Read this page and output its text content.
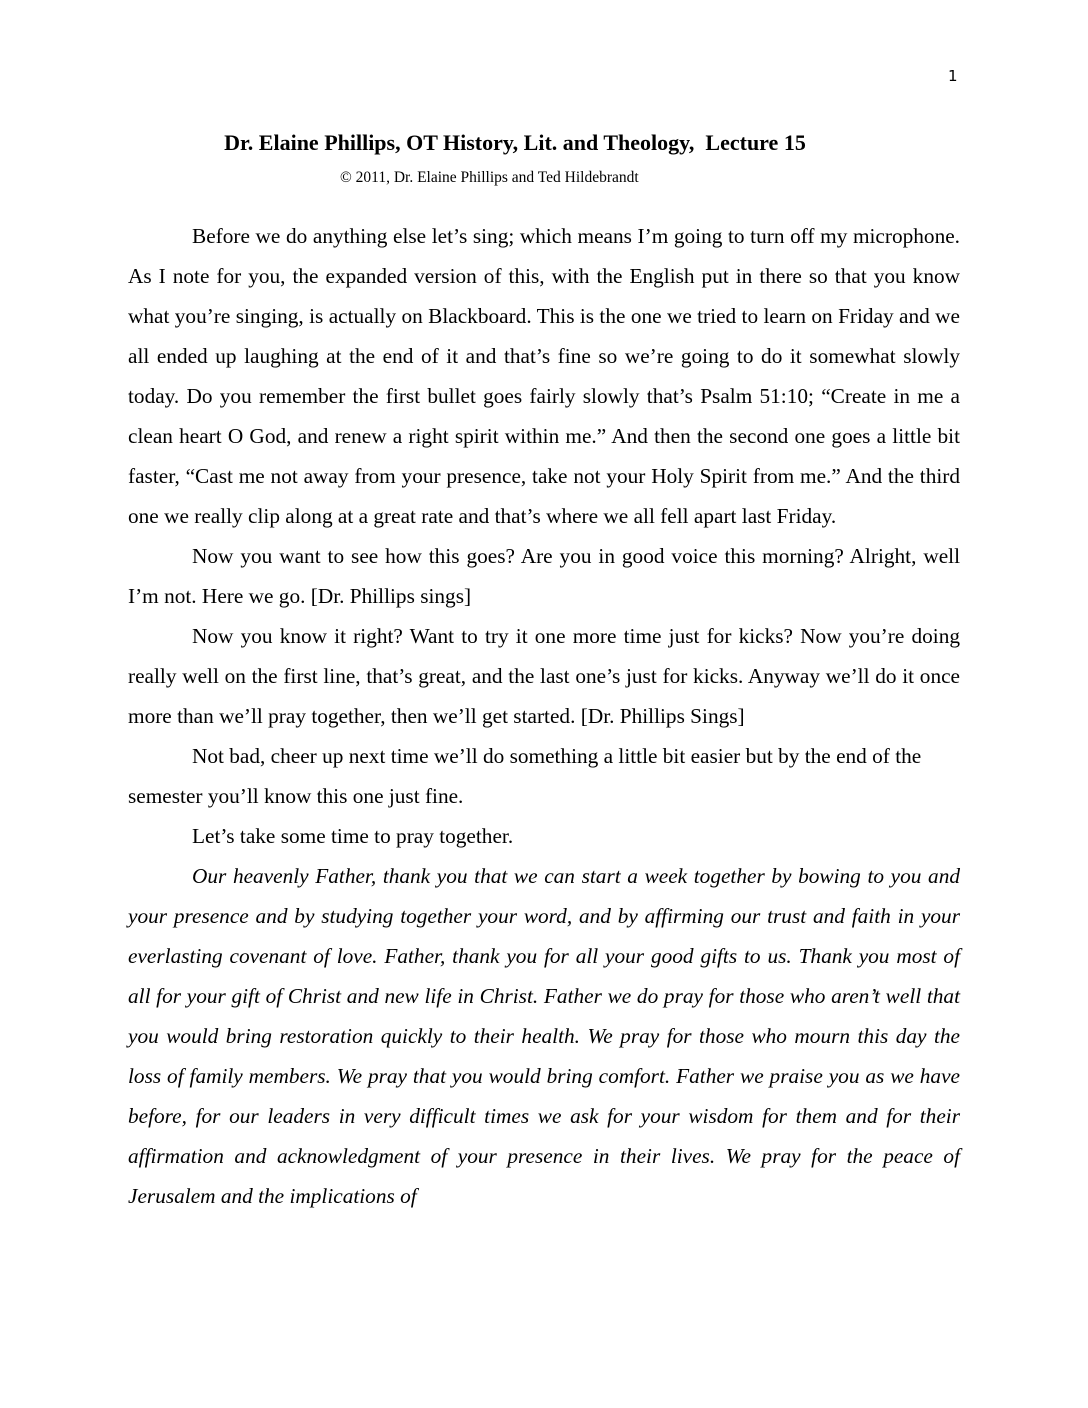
1
Dr. Elaine Phillips, OT History, Lit. and Theology,  Lecture 15
© 2011, Dr. Elaine Phillips and Ted Hildebrandt

Before we do anything else let’s sing; which means I’m going to turn off my microphone. As I note for you, the expanded version of this, with the English put in there so that you know what you’re singing, is actually on Blackboard. This is the one we tried to learn on Friday and we all ended up laughing at the end of it and that’s fine so we’re going to do it somewhat slowly today. Do you remember the first bullet goes fairly slowly that’s Psalm 51:10; “Create in me a clean heart O God, and renew a right spirit within me.” And then the second one goes a little bit faster, “Cast me not away from your presence, take not your Holy Spirit from me.” And the third one we really clip along at a great rate and that’s where we all fell apart last Friday.

Now you want to see how this goes? Are you in good voice this morning? Alright, well I’m not. Here we go. [Dr. Phillips sings]

Now you know it right? Want to try it one more time just for kicks? Now you’re doing really well on the first line, that’s great, and the last one’s just for kicks. Anyway we’ll do it once more than we’ll pray together, then we’ll get started. [Dr. Phillips Sings]

Not bad, cheer up next time we’ll do something a little bit easier but by the end of the semester you’ll know this one just fine.

Let’s take some time to pray together.

Our heavenly Father, thank you that we can start a week together by bowing to you and your presence and by studying together your word, and by affirming our trust and faith in your everlasting covenant of love. Father, thank you for all your good gifts to us. Thank you most of all for your gift of Christ and new life in Christ. Father we do pray for those who aren’t well that you would bring restoration quickly to their health. We pray for those who mourn this day the loss of family members. We pray that you would bring comfort. Father we praise you as we have before, for our leaders in very difficult times we ask for your wisdom for them and for their affirmation and acknowledgment of your presence in their lives. We pray for the peace of Jerusalem and the implications of
